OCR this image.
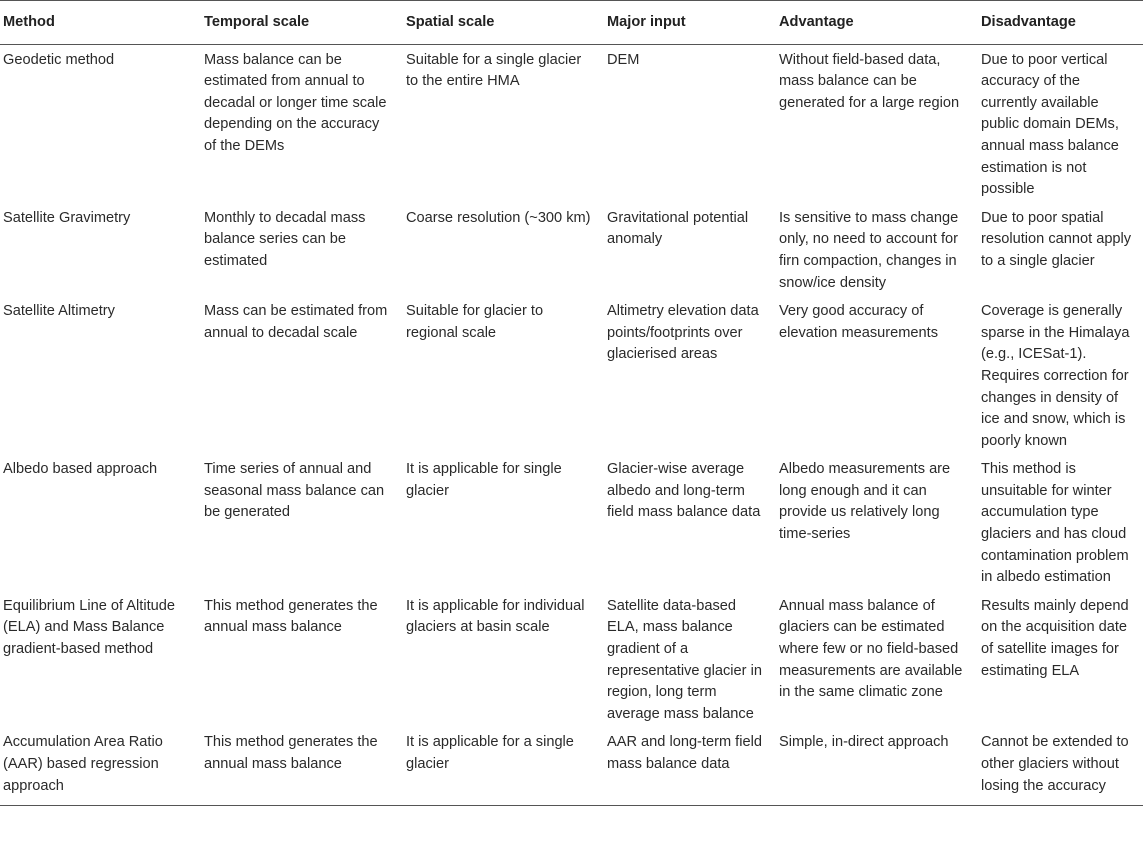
Method	Temporal scale	Spatial scale	Major input	Advantage	Disadvantage
Geodetic method	Mass balance can be estimated from annual to decadal or longer time scale depending on the accuracy of the DEMs	Suitable for a single glacier to the entire HMA	DEM	Without field-based data, mass balance can be generated for a large region	Due to poor vertical accuracy of the currently available public domain DEMs, annual mass balance estimation is not possible
Satellite Gravimetry	Monthly to decadal mass balance series can be estimated	Coarse resolution (~300 km)	Gravitational potential anomaly	Is sensitive to mass change only, no need to account for firn compaction, changes in snow/ice density	Due to poor spatial resolution cannot apply to a single glacier
Satellite Altimetry	Mass can be estimated from annual to decadal scale	Suitable for glacier to regional scale	Altimetry elevation data points/footprints over glacierised areas	Very good accuracy of elevation measurements	Coverage is generally sparse in the Himalaya (e.g., ICESat-1). Requires correction for changes in density of ice and snow, which is poorly known
Albedo based approach	Time series of annual and seasonal mass balance can be generated	It is applicable for single glacier	Glacier-wise average albedo and long-term field mass balance data	Albedo measurements are long enough and it can provide us relatively long time-series	This method is unsuitable for winter accumulation type glaciers and has cloud contamination problem in albedo estimation
Equilibrium Line of Altitude (ELA) and Mass Balance gradient-based method	This method generates the annual mass balance	It is applicable for individual glaciers at basin scale	Satellite data-based ELA, mass balance gradient of a representative glacier in region, long term average mass balance	Annual mass balance of glaciers can be estimated where few or no field-based measurements are available in the same climatic zone	Results mainly depend on the acquisition date of satellite images for estimating ELA
Accumulation Area Ratio (AAR) based regression approach	This method generates the annual mass balance	It is applicable for a single glacier	AAR and long-term field mass balance data	Simple, in-direct approach	Cannot be extended to other glaciers without losing the accuracy
